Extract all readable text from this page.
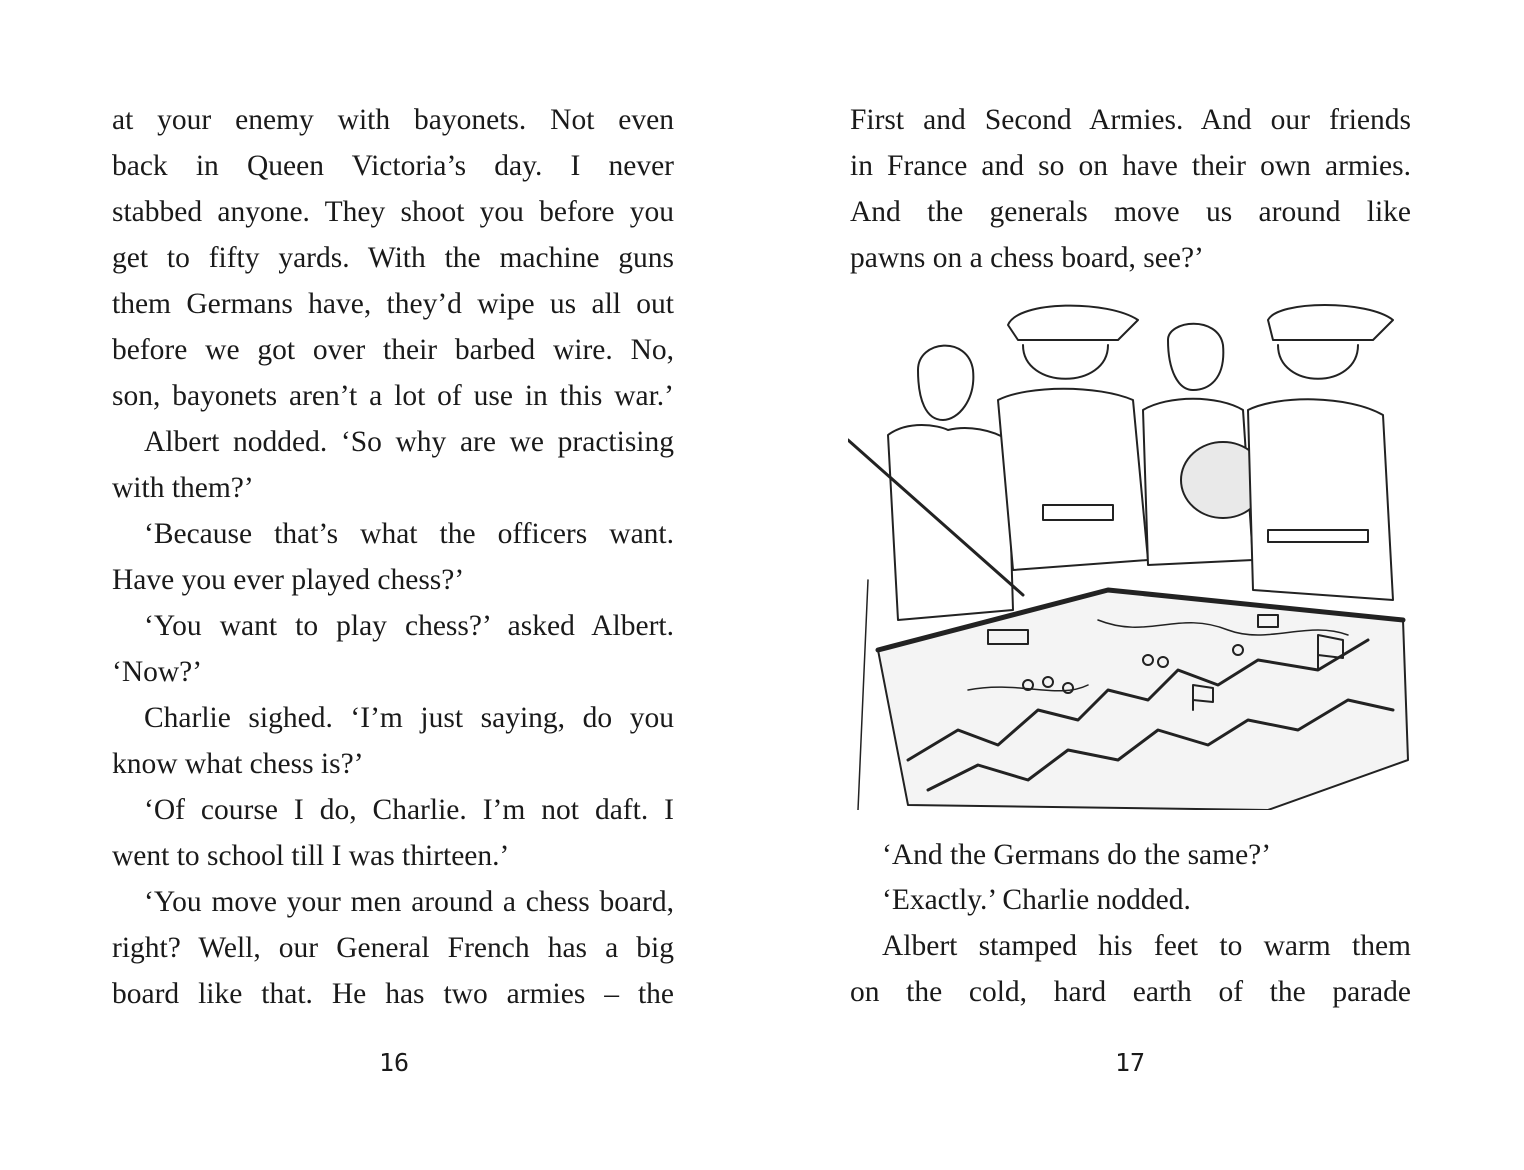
at your enemy with bayonets. Not even
back in Queen Victoria’s day. I never
stabbed anyone. They shoot you before you
get to fifty yards. With the machine guns
them Germans have, they’d wipe us all out
before we got over their barbed wire. No,
son, bayonets aren’t a lot of use in this war.’
Albert nodded. ‘So why are we practising
with them?’
‘Because that’s what the officers want.
Have you ever played chess?’
‘You want to play chess?’ asked Albert.
‘Now?’
Charlie sighed. ‘I’m just saying, do you
know what chess is?’
‘Of course I do, Charlie. I’m not daft. I
went to school till I was thirteen.’
‘You move your men around a chess board,
right? Well, our General French has a big
board like that. He has two armies – the
16	17
First and Second Armies. And our friends
in France and so on have their own armies.
And the generals move us around like
pawns on a chess board, see?’
‘And the Germans do the same?’
‘Exactly.’ Charlie nodded.
Albert stamped his feet to warm them
on the cold, hard earth of the parade
